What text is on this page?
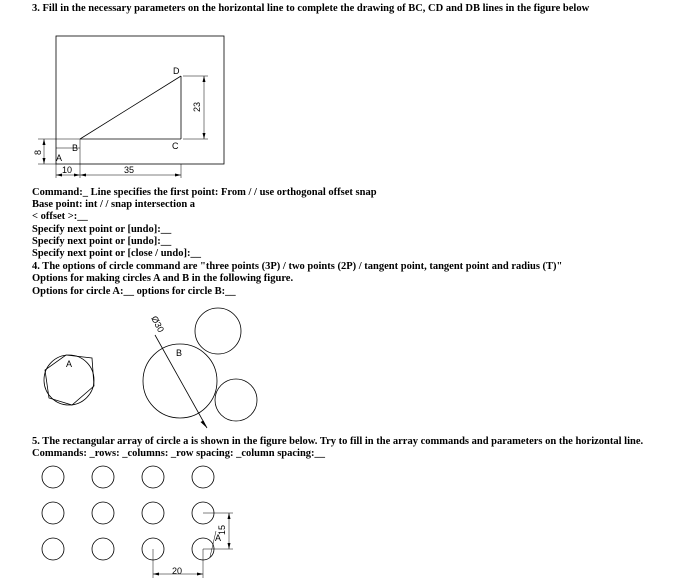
3. Fill in the necessary parameters on the horizontal line to complete the drawing of BC, CD and DB lines in the figure below
A
B	C
D
10	35
23
8
Command:_ Line specifies the first point: From / / use orthogonal offset snap
Base point: int / / snap intersection a
< offset >:__
Specify next point or [undo]:__
Specify next point or [undo]:__
Specify next point or [close / undo]:__
4. The options of circle command are "three points (3P) / two points (2P) / tangent point, tangent point and radius (T)"
Options for making circles A and B in the following figure.
Options for circle A:__ options for circle B:__
A
B
Ø30
5. The rectangular array of circle a is shown in the figure below. Try to fill in the array commands and parameters on the horizontal line.
Commands: _rows: _columns: _row spacing: _column spacing:__
15
20
A
